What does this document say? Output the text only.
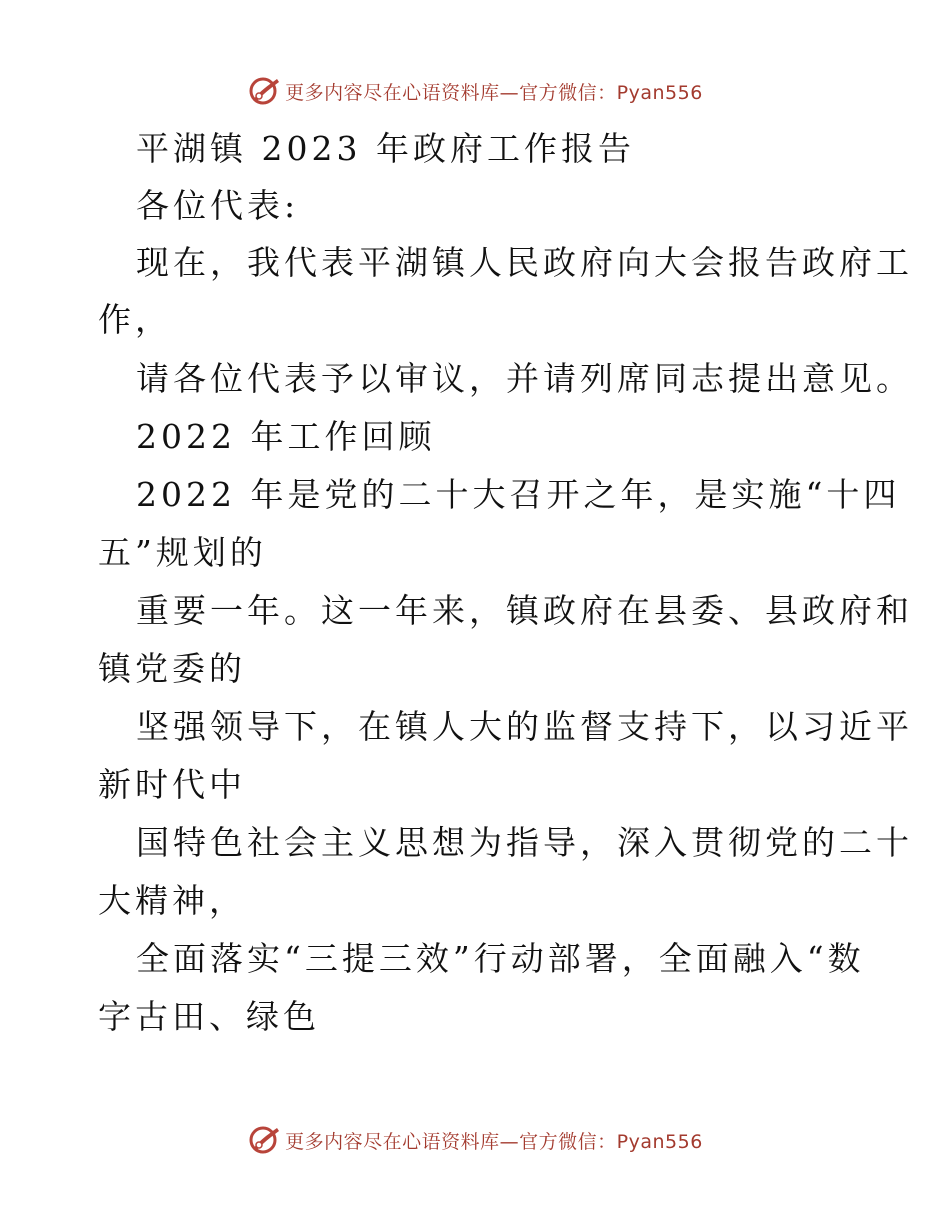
更多内容尽在心语资料库—官方微信：Pyan556
平湖镇 2023 年政府工作报告
各位代表:
现在，我代表平湖镇人民政府向大会报告政府工
作，
请各位代表予以审议，并请列席同志提出意见。
2022 年工作回顾
2022 年是党的二十大召开之年，是实施“十四
五”规划的
重要一年。这一年来，镇政府在县委、县政府和
镇党委的
坚强领导下，在镇人大的监督支持下，以习近平
新时代中
国特色社会主义思想为指导，深入贯彻党的二十
大精神，
全面落实“三提三效”行动部署，全面融入“数
字古田、绿色
更多内容尽在心语资料库—官方微信：Pyan556
